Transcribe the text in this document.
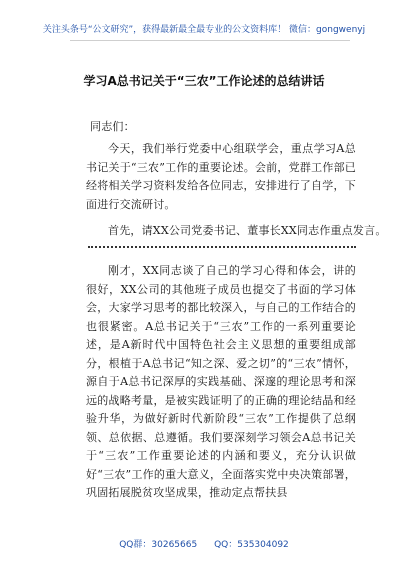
关注头条号“公文研究”，获得最新最全最专业的公文资料库！ 微信：gongwenyj
学习A总书记关于“三农”工作论述的总结讲话
同志们：
今天，我们举行党委中心组联学会，重点学习A总书记关于“三农”工作的重要论述。会前，党群工作部已经将相关学习资料发给各位同志，安排进行了自学，下面进行交流研讨。
首先，请XX公司党委书记、董事长XX同志作重点发言。
刚才，XX同志谈了自己的学习心得和体会，讲的很好，XX公司的其他班子成员也提交了书面的学习体会，大家学习思考的都比较深入，与自己的工作结合的也很紧密。A总书记关于“三农”工作的一系列重要论述，是A新时代中国特色社会主义思想的重要组成部分，根植于A总书记“知之深、爱之切”的“三农”情怀，源自于A总书记深厚的实践基础、深邃的理论思考和深远的战略考量，是被实践证明了的正确的理论结晶和经验升华，为做好新时代新阶段“三农”工作提供了总纲领、总依据、总遵循。我们要深刻学习领会A总书记关于“三农”工作重要论述的内涵和要义，充分认识做好“三农”工作的重大意义，全面落实党中央决策部署，巩固拓展脱贫攻坚成果，推动定点帮扶县
QQ群：30265665 QQ：535304092
